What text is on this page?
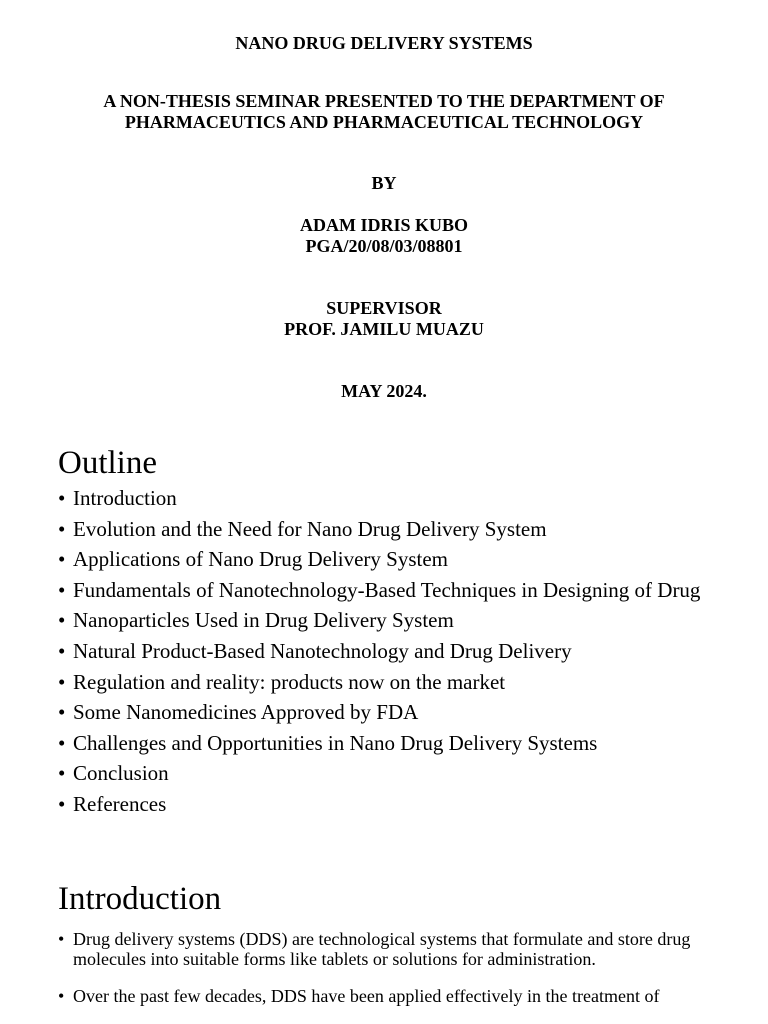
NANO DRUG DELIVERY SYSTEMS
A NON-THESIS SEMINAR PRESENTED TO THE DEPARTMENT OF
PHARMACEUTICS AND PHARMACEUTICAL TECHNOLOGY
BY
ADAM IDRIS KUBO
PGA/20/08/03/08801
SUPERVISOR
PROF. JAMILU MUAZU
MAY 2024.
Outline
• Introduction
• Evolution and the Need for Nano Drug Delivery System
• Applications of Nano Drug Delivery System
• Fundamentals of Nanotechnology-Based Techniques in Designing of Drug
• Nanoparticles Used in Drug Delivery System
• Natural Product-Based Nanotechnology and Drug Delivery
• Regulation and reality: products now on the market
• Some Nanomedicines Approved by FDA
• Challenges and Opportunities in Nano Drug Delivery Systems
• Conclusion
• References
Introduction
• Drug delivery systems (DDS) are technological systems that formulate and store drug molecules into suitable forms like tablets or solutions for administration.
• Over the past few decades, DDS have been applied effectively in the treatment of
